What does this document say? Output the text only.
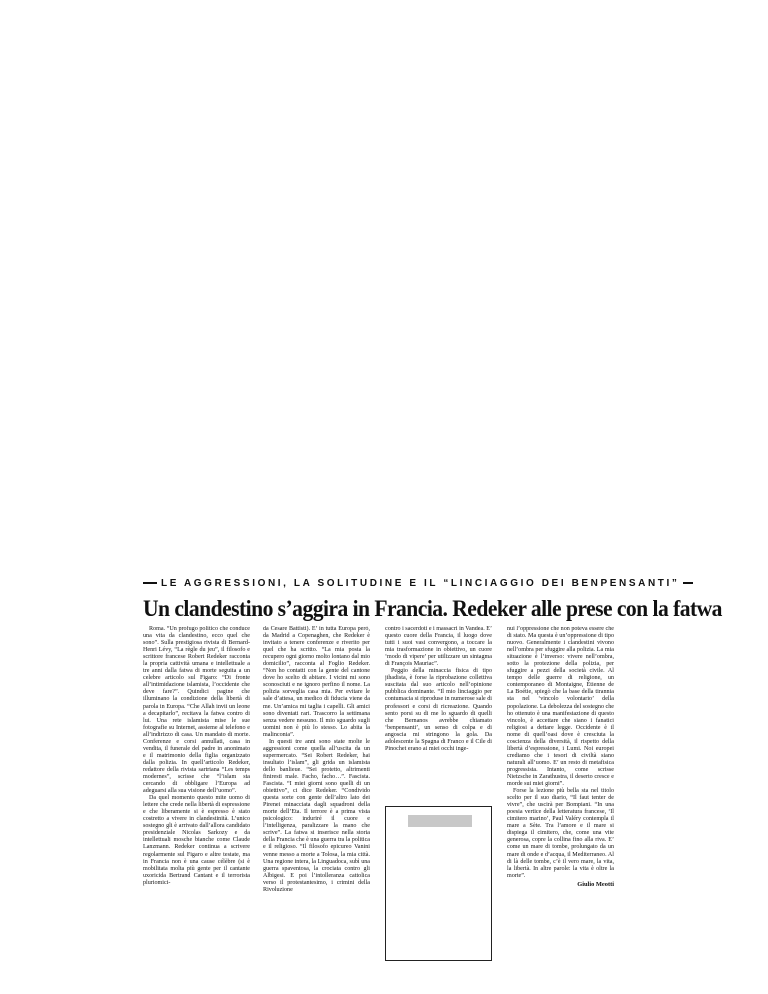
LE AGGRESSIONI, LA SOLITUDINE E IL “LINCIAGGIO DEI BENPENSANTI”
Un clandestino s’aggira in Francia. Redeker alle prese con la fatwa

Roma. “Un profugo politico che conduce una vita da clandestino, ecco quel che sono”. Sulla prestigiosa rivista di Bernard-Henri Lévy, “La règle du jeu”, il filosofo e scrittore francese Robert Redeker racconta la propria cattività umana e intellettuale a tre anni dalla fatwa di morte seguita a un celebre articolo sul Figaro: “Di fronte all’intimidazione islamista, l’occidente che deve fare?”. Quindici pagine che illuminano la condizione della libertà di parola in Europa. “Che Allah invii un leone a decapitarlo”, recitava la fatwa contro di lui. Una rete islamista mise le sue fotografie su Internet, assieme al telefono e all’indirizzo di casa. Un mandato di morte. Conferenze e corsi annullati, casa in vendita, il funerale del padre in anonimato e il matrimonio della figlia organizzato dalla polizia. In quell’articolo Redeker, redattore della rivista sartriana “Les temps modernes”, scrisse che “l’islam sta cercando di obbligare l’Europa ad adeguarsi alla sua visione dell’uomo”.

Da quel momento questo mite uomo di lettere che crede nella libertà di espressione e che liberamente si è espresso è stato costretto a vivere in clandestinità. L’unico sostegno gli è arrivato dall’allora candidato presidenziale Nicolas Sarkozy e da intellettuali mosche bianche come Claude Lanzmann. Redeker continua a scrivere regolarmente sul Figaro e altre testate, ma in Francia non è una cause célèbre (si è mobilitata molta più gente per il cantante uxoricida Bertrand Cantant e il terrorista pluriomici-

da Cesare Battisti). E’ in tutta Europa però, da Madrid a Copenaghen, che Redeker è invitato a tenere conferenze e riverito per quel che ha scritto. “La mia posta la recupero ogni giorno molto lontano dal mio domicilio”, racconta al Foglio Redeker. “Non ho contatti con la gente del cantone dove ho scelto di abitare. I vicini mi sono sconosciuti e ne ignoro perfino il nome. La polizia sorveglia casa mia. Per evitare le sale d’attesa, un medico di fiducia viene da me. Un’amica mi taglia i capelli. Gli amici sono diventati rari. Trascorro la settimana senza vedere nessuno. Il mio sguardo sugli uomini non è più lo stesso. Lo abita la malinconia”.

In questi tre anni sono state molte le aggressioni come quella all’uscita da un supermercato. “Sei Robert Redeker, hai insultato l’islam”, gli grida un islamista dello banlieue. “Sei protetto, altrimenti finiresti male. Facho, facho…”. Fascista. Fascista. “I miei giorni sono quelli di un obiettivo”, ci dice Redeker. “Condivido questa sorte con gente dell’altro lato dei Pirenei minacciata dagli squadroni della morte dell’Eta. Il terrore è a prima vista psicologico: induriré il cuore e l’intelligenza, paralizzare la mano che scrive”. La fatwa si inserisce nella storia della Francia che è una guerra tra la politica e il religioso. “Il filosofo epicureo Vanini venne messo a morte a Tolosa, la mia città. Una regione intera, la Linguadoca, subì una guerra spaventosa, la crociata contro gli Albigesi. E poi l’intolleranza cattolica verso il protestantesimo, i crimini della Rivoluzione

contro i sacerdoti e i massacri in Vandea. E’ questo cuore della Francia, il luogo dove tutti i suoi vasi convergono, a toccare la mia trasformazione in obiettivo, un cuore ‘modo di vipere’ per utilizzare un sintagma di François Mauriac”.

Peggio della minaccia fisica di tipo jihadista, è forse la riprobazione collettiva suscitata dal suo articolo nell’opinione pubblica dominante. “Il mio linciaggio per contumacia si riproduse in numerose sale di professori e corsi di ricreazione. Quando sento porsi su di me lo sguardo di quelli che Bernanos avrebbe chiamato ‘benpensanti’, un senso di colpa e di angoscia mi stringono la gola. Da adolescente la Spagna di Franco e il Cile di Pinochet erano ai miei occhi inge-

nui l’oppressione che non poteva essere che di stato. Ma questa è un’oppressione di tipo nuovo. Generalmente i clandestini vivono nell’ombra per sfuggire alla polizia. La mia situazione è l’inverso: vivere nell’ombra, sotto la protezione della polizia, per sfuggire a pezzi della società civile. Al tempo delle guerre di religione, un contemporaneo di Montaigne, Étienne de La Boétie, spiegò che la base della tirannia sta nel ‘vincolo volontario’ della popolazione. La debolezza del sostegno che ho ottenuto è una manifestazione di questo vincolo, è accettare che siano i fanatici religiosi a dettare legge. Occidente è il nome di quell’oasi dove è cresciuta la coscienza della diversità, il rispetto della libertà d’espressione, i Lumi. Noi europei crediamo che i tesori di civiltà siano naturali all’uomo. E’ un resto di metafisica progressista. Intanto, come scrisse Nietzsche in Zarathustra, il deserto cresce e morde sui miei giorni”.

Forse la lezione più bella sta nel titolo scelto per il suo diario, “Il faut tenter de vivre”, che uscirà per Bompiani. “In una poesia vertice della letteratura francese, ‘Il cimitero marino’, Paul Valéry contempla il mare a Sète. Tra l’amore e il mare si dispiega il cimitero, che, come una vite generosa, copre la collina fino alla riva. E’ come un mare di tombe, prolungato da un mare di onde e d’acqua, il Mediterraneo. Al di là delle tombe, c’è il vero mare, la vita, la libertà. In altre parole: la vita è oltre la morte”.

Giulio Meotti
